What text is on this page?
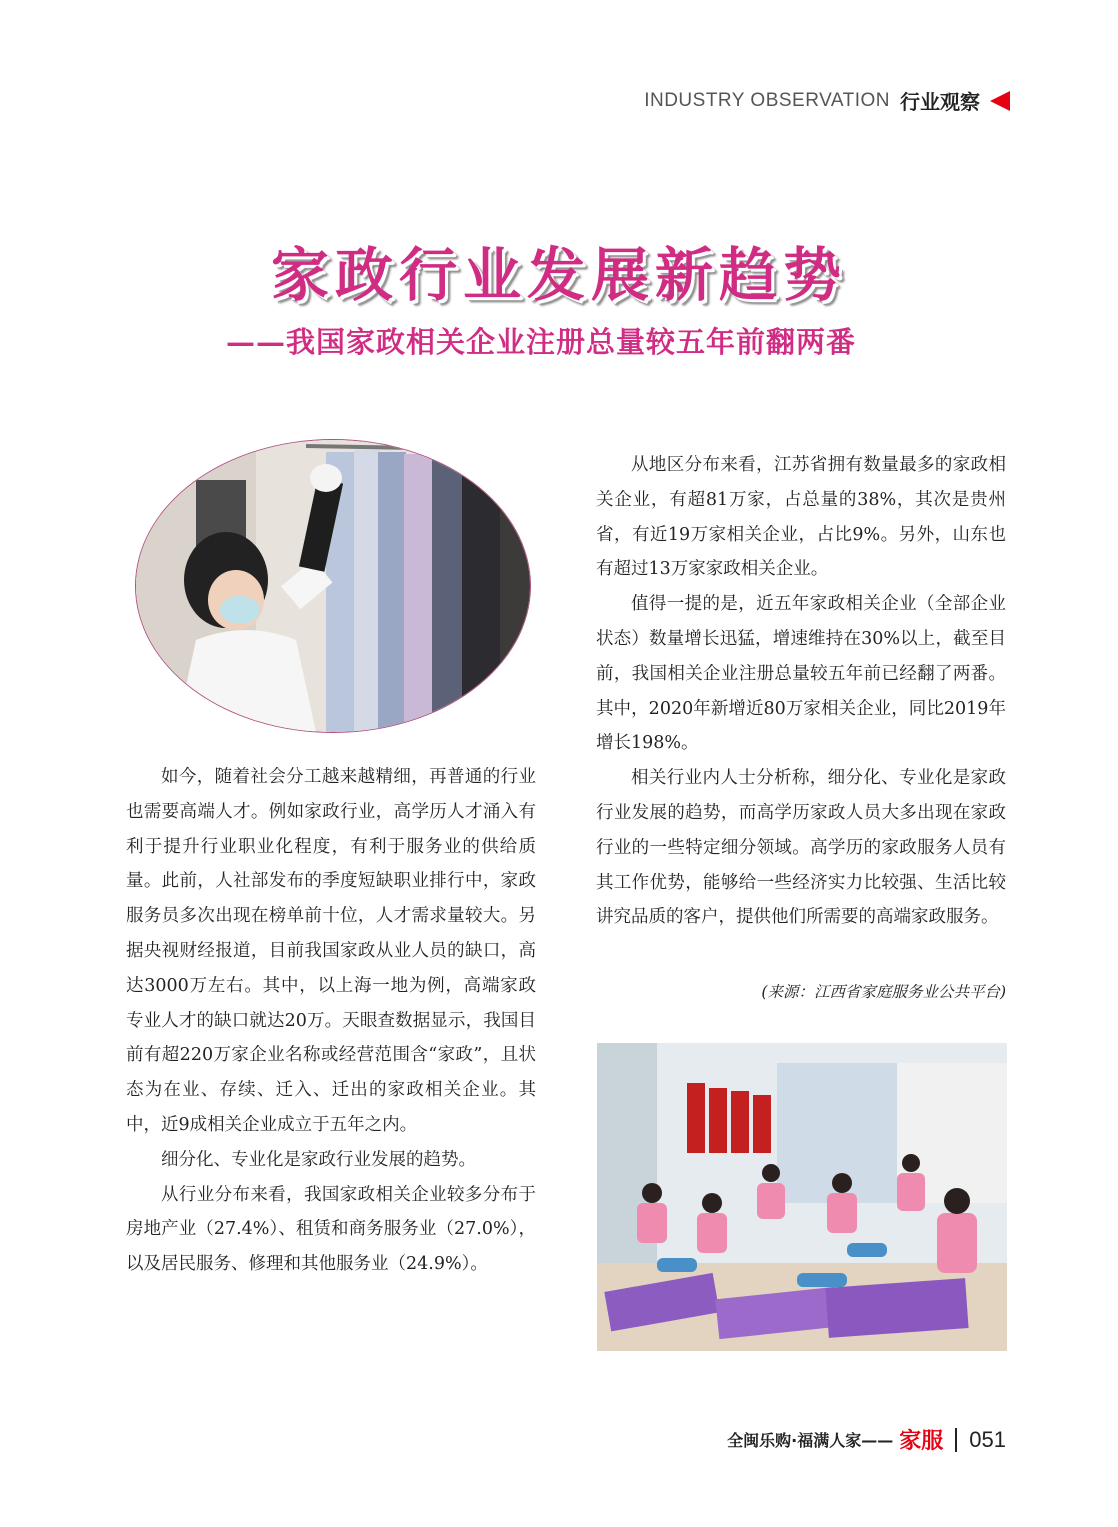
INDUSTRY OBSERVATION 行业观察
家政行业发展新趋势
——我国家政相关企业注册总量较五年前翻两番

如今，随着社会分工越来越精细，再普通的行业也需要高端人才。例如家政行业，高学历人才涌入有利于提升行业职业化程度，有利于服务业的供给质量。此前，人社部发布的季度短缺职业排行中，家政服务员多次出现在榜单前十位，人才需求量较大。另据央视财经报道，目前我国家政从业人员的缺口，高达3000万左右。其中，以上海一地为例，高端家政专业人才的缺口就达20万。天眼查数据显示，我国目前有超220万家企业名称或经营范围含“家政”，且状态为在业、存续、迁入、迁出的家政相关企业。其中，近9成相关企业成立于五年之内。

细分化、专业化是家政行业发展的趋势。

从行业分布来看，我国家政相关企业较多分布于房地产业（27.4%）、租赁和商务服务业（27.0%），以及居民服务、修理和其他服务业（24.9%）。

从地区分布来看，江苏省拥有数量最多的家政相关企业，有超81万家，占总量的38%，其次是贵州省，有近19万家相关企业，占比9%。另外，山东也有超过13万家家政相关企业。

值得一提的是，近五年家政相关企业（全部企业状态）数量增长迅猛，增速维持在30%以上，截至目前，我国相关企业注册总量较五年前已经翻了两番。其中，2020年新增近80万家相关企业，同比2019年增长198%。

相关行业内人士分析称，细分化、专业化是家政行业发展的趋势，而高学历家政人员大多出现在家政行业的一些特定细分领域。高学历的家政服务人员有其工作优势，能够给一些经济实力比较强、生活比较讲究品质的客户，提供他们所需要的高端家政服务。

(来源：江西省家庭服务业公共平台)
全闽乐购·福满人家—— 家服 051
